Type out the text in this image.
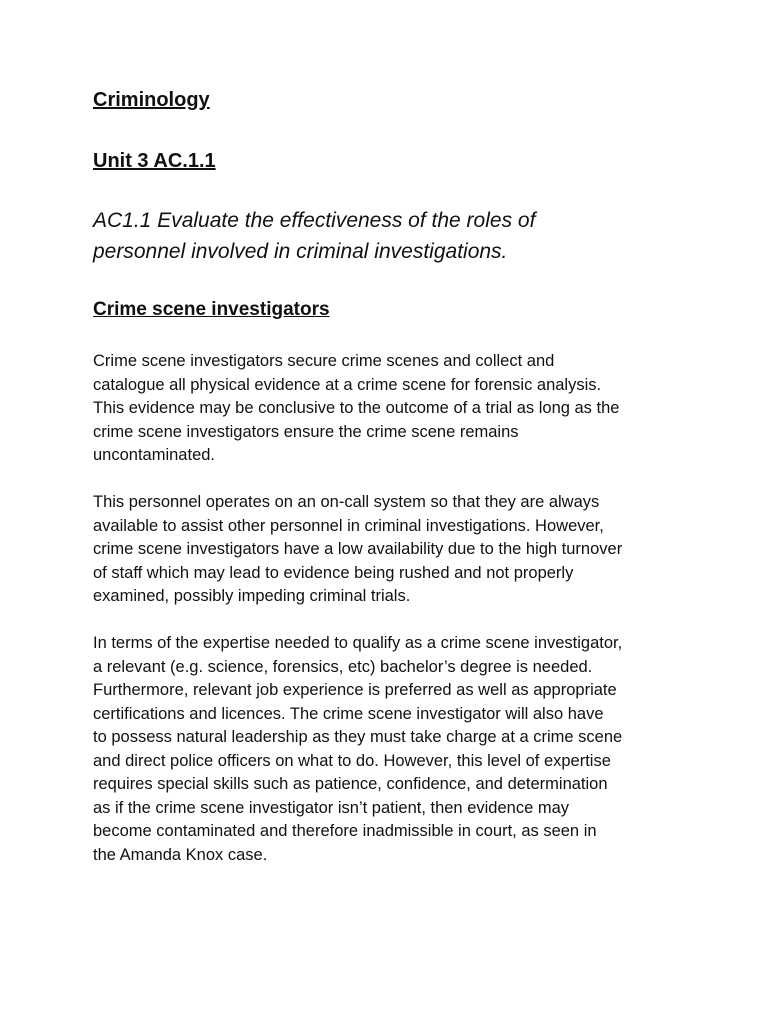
Criminology
Unit 3 AC.1.1

AC1.1 Evaluate the effectiveness of the roles of
personnel involved in criminal investigations.

Crime scene investigators

Crime scene investigators secure crime scenes and collect and
catalogue all physical evidence at a crime scene for forensic analysis.
This evidence may be conclusive to the outcome of a trial as long as the
crime scene investigators ensure the crime scene remains
uncontaminated.

This personnel operates on an on-call system so that they are always
available to assist other personnel in criminal investigations. However,
crime scene investigators have a low availability due to the high turnover
of staff which may lead to evidence being rushed and not properly
examined, possibly impeding criminal trials.

In terms of the expertise needed to qualify as a crime scene investigator,
a relevant (e.g. science, forensics, etc) bachelor’s degree is needed.
Furthermore, relevant job experience is preferred as well as appropriate
certifications and licences. The crime scene investigator will also have
to possess natural leadership as they must take charge at a crime scene
and direct police officers on what to do. However, this level of expertise
requires special skills such as patience, confidence, and determination
as if the crime scene investigator isn’t patient, then evidence may
become contaminated and therefore inadmissible in court, as seen in
the Amanda Knox case.
